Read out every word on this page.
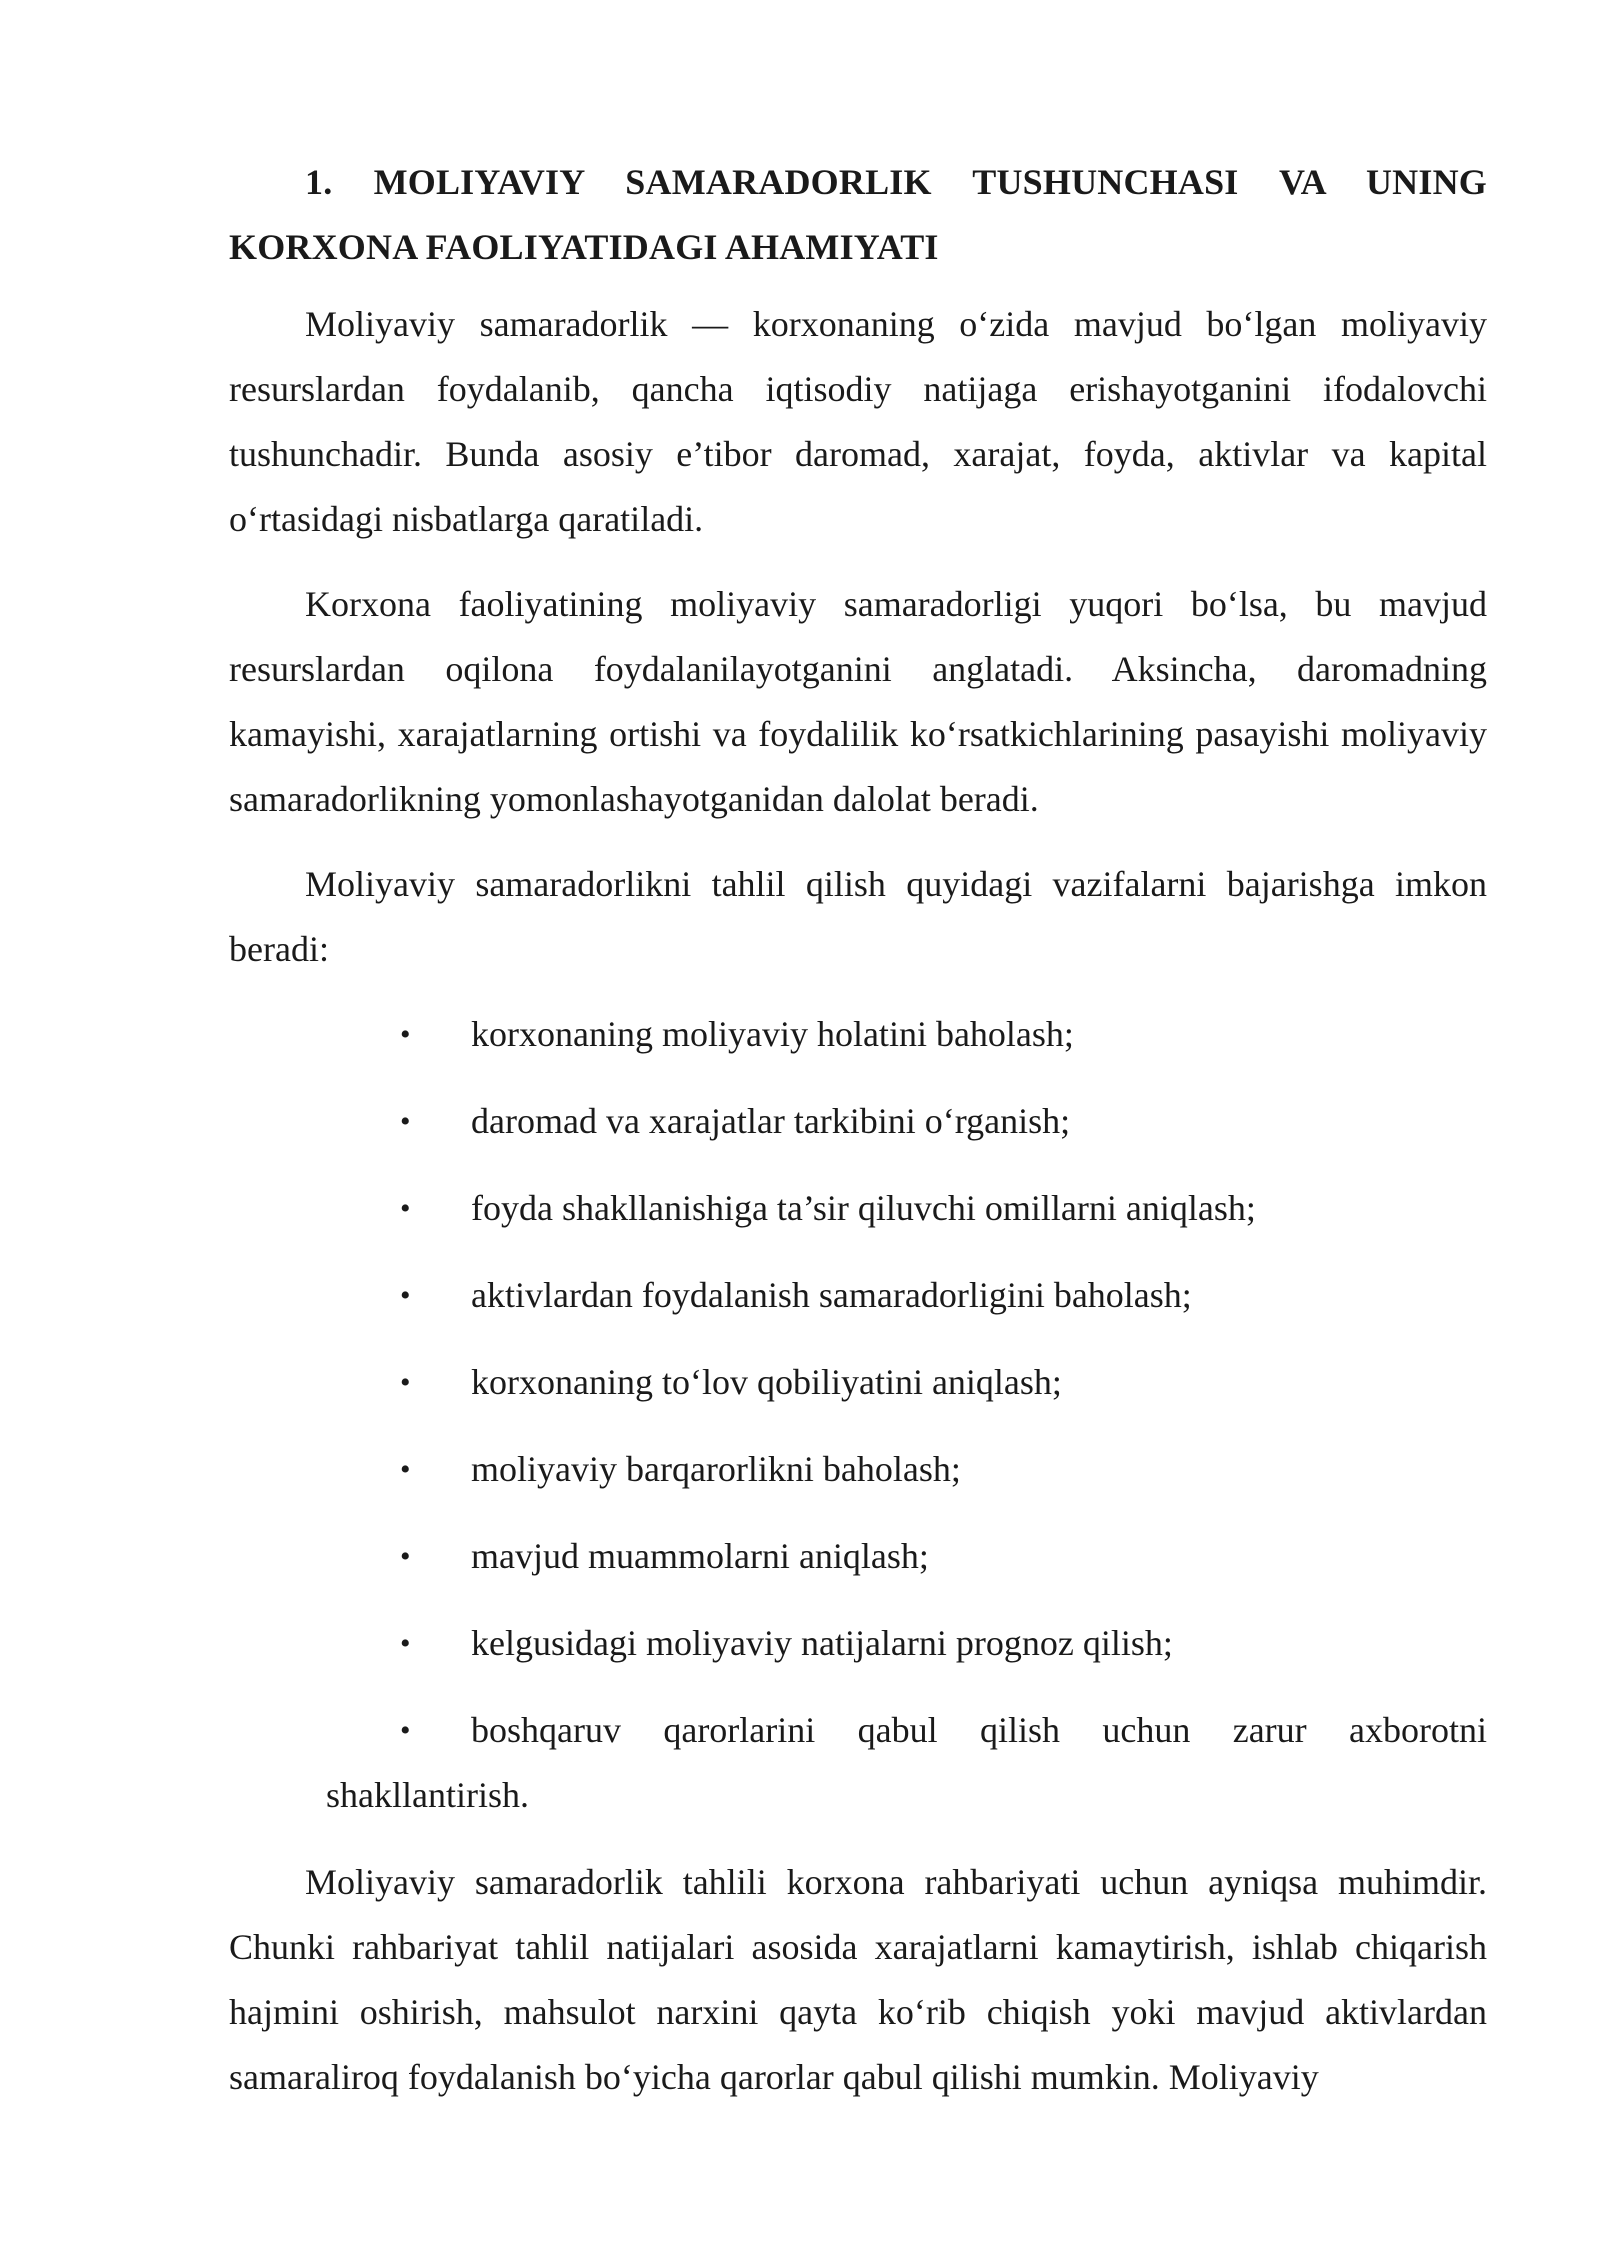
1. MOLIYAVIY SAMARADORLIK TUSHUNCHASI VA UNING KORXONA FAOLIYATIDAGI AHAMIYATI

Moliyaviy samaradorlik — korxonaning o‘zida mavjud bo‘lgan moliyaviy resurslardan foydalanib, qancha iqtisodiy natijaga erishayotganini ifodalovchi tushunchadir. Bunda asosiy e’tibor daromad, xarajat, foyda, aktivlar va kapital o‘rtasidagi nisbatlarga qaratiladi.

Korxona faoliyatining moliyaviy samaradorligi yuqori bo‘lsa, bu mavjud resurslardan oqilona foydalanilayotganini anglatadi. Aksincha, daromadning kamayishi, xarajatlarning ortishi va foydalilik ko‘rsatkichlarining pasayishi moliyaviy samaradorlikning yomonlashayotganidan dalolat beradi.

Moliyaviy samaradorlikni tahlil qilish quyidagi vazifalarni bajarishga imkon beradi:

• korxonaning moliyaviy holatini baholash;
• daromad va xarajatlar tarkibini o‘rganish;
• foyda shakllanishiga ta’sir qiluvchi omillarni aniqlash;
• aktivlardan foydalanish samaradorligini baholash;
• korxonaning to‘lov qobiliyatini aniqlash;
• moliyaviy barqarorlikni baholash;
• mavjud muammolarni aniqlash;
• kelgusidagi moliyaviy natijalarni prognoz qilish;
• boshqaruv qarorlarini qabul qilish uchun zarur axborotni shakllantirish.

Moliyaviy samaradorlik tahlili korxona rahbariyati uchun ayniqsa muhimdir. Chunki rahbariyat tahlil natijalari asosida xarajatlarni kamaytirish, ishlab chiqarish hajmini oshirish, mahsulot narxini qayta ko‘rib chiqish yoki mavjud aktivlardan samaraliroq foydalanish bo‘yicha qarorlar qabul qilishi mumkin. Moliyaviy
